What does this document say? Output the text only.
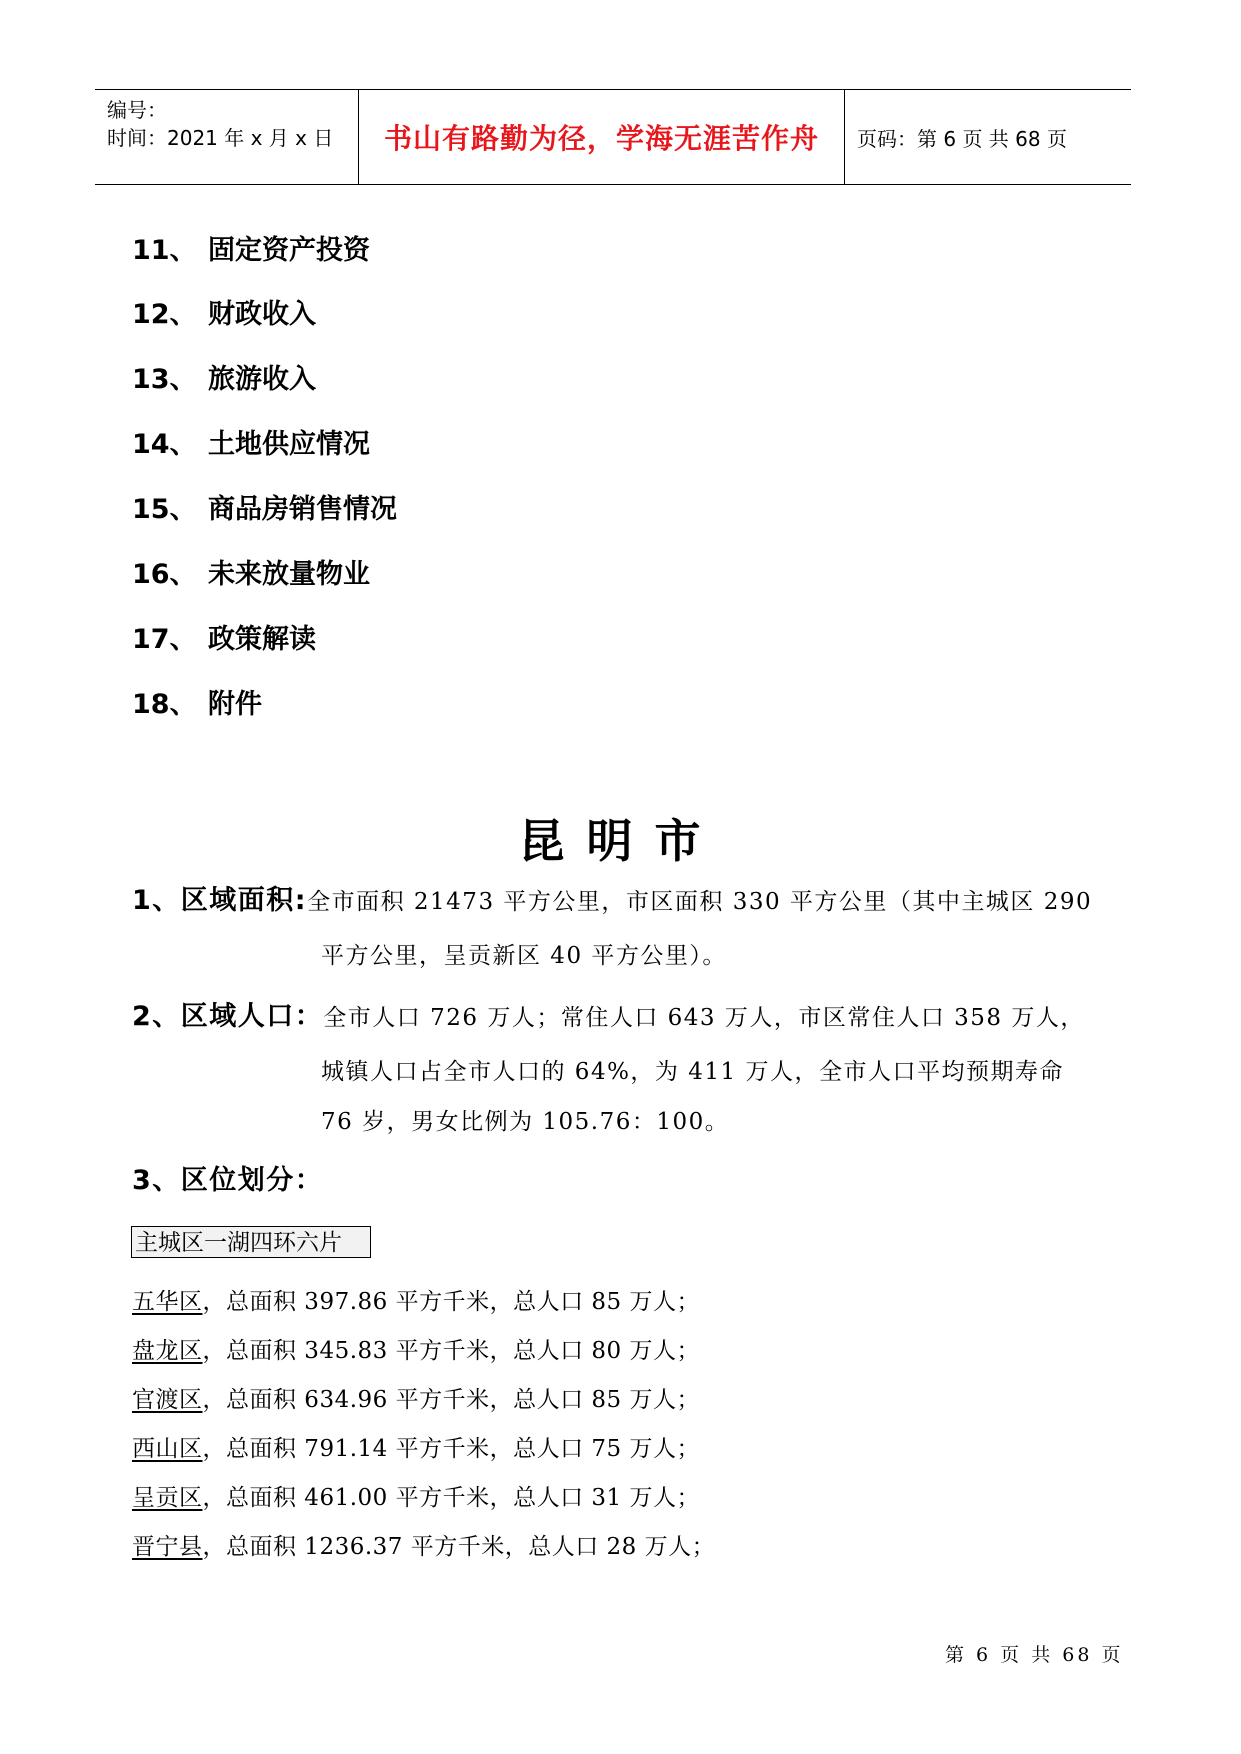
编号：
时间：2021 年 x 月 x 日 书山有路勤为径，学海无涯苦作舟 页码：第 6 页 共 68 页
11、 固定资产投资
12、 财政收入
13、 旅游收入
14、 土地供应情况
15、 商品房销售情况
16、 未来放量物业
17、 政策解读
18、 附件
昆明市
1、区域面积:全市面积 21473 平方公里，市区面积 330 平方公里（其中主城区 290
平方公里，呈贡新区 40 平方公里）。
2、区域人口：全市人口 726 万人；常住人口 643 万人，市区常住人口 358 万人，
城镇人口占全市人口的 64%，为 411 万人，全市人口平均预期寿命
76 岁，男女比例为 105.76：100。
3、区位划分：
主城区一湖四环六片
五华区，总面积 397.86 平方千米，总人口 85 万人；
盘龙区，总面积 345.83 平方千米，总人口 80 万人；
官渡区，总面积 634.96 平方千米，总人口 85 万人；
西山区，总面积 791.14 平方千米，总人口 75 万人；
呈贡区，总面积 461.00 平方千米，总人口 31 万人；
晋宁县，总面积 1236.37 平方千米，总人口 28 万人；
第 6 页 共 68 页
